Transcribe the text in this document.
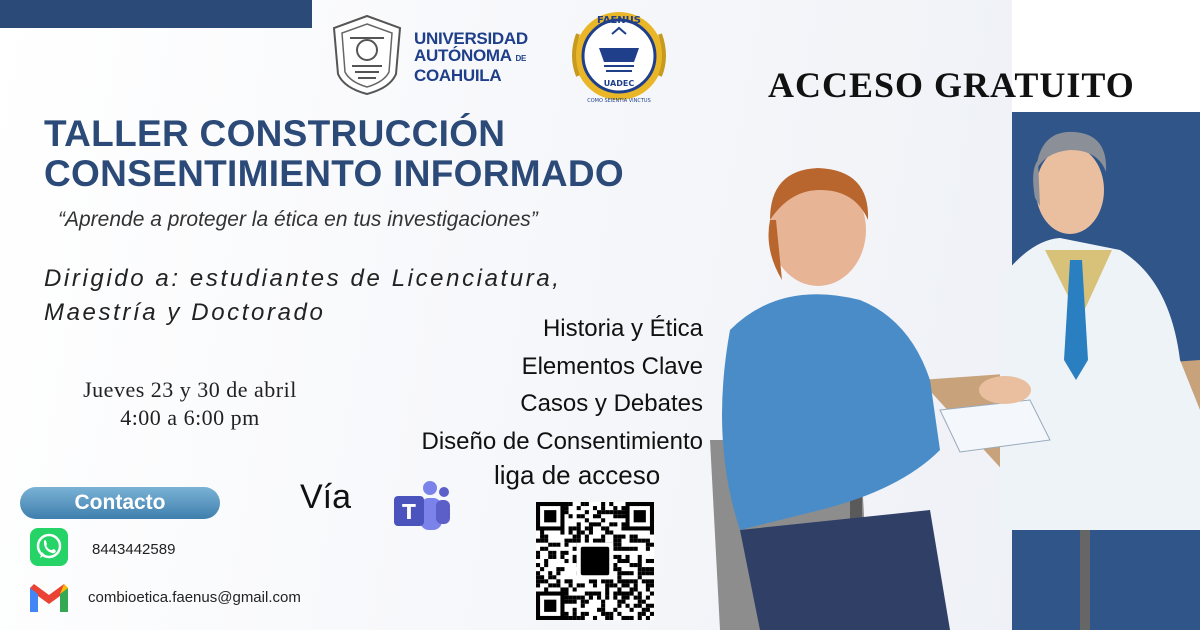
UNIVERSIDAD
AUTÓNOMA DE
COAHUILA
FAENUS
UADEC
COMO SEIENTIA VINCTUS	ACCESO GRATUITO
TALLER CONSTRUCCIÓN
CONSENTIMIENTO INFORMADO
“Aprende a proteger la ética en tus investigaciones”
Dirigido a: estudiantes de Licenciatura,
Maestría y Doctorado
Historia y Ética
Elementos Clave
Casos y Debates
Diseño de Consentimiento
Jueves 23 y 30 de abril
4:00 a 6:00 pm
Vía	T
liga de acceso
Contacto
8443442589
combioetica.faenus@gmail.com
